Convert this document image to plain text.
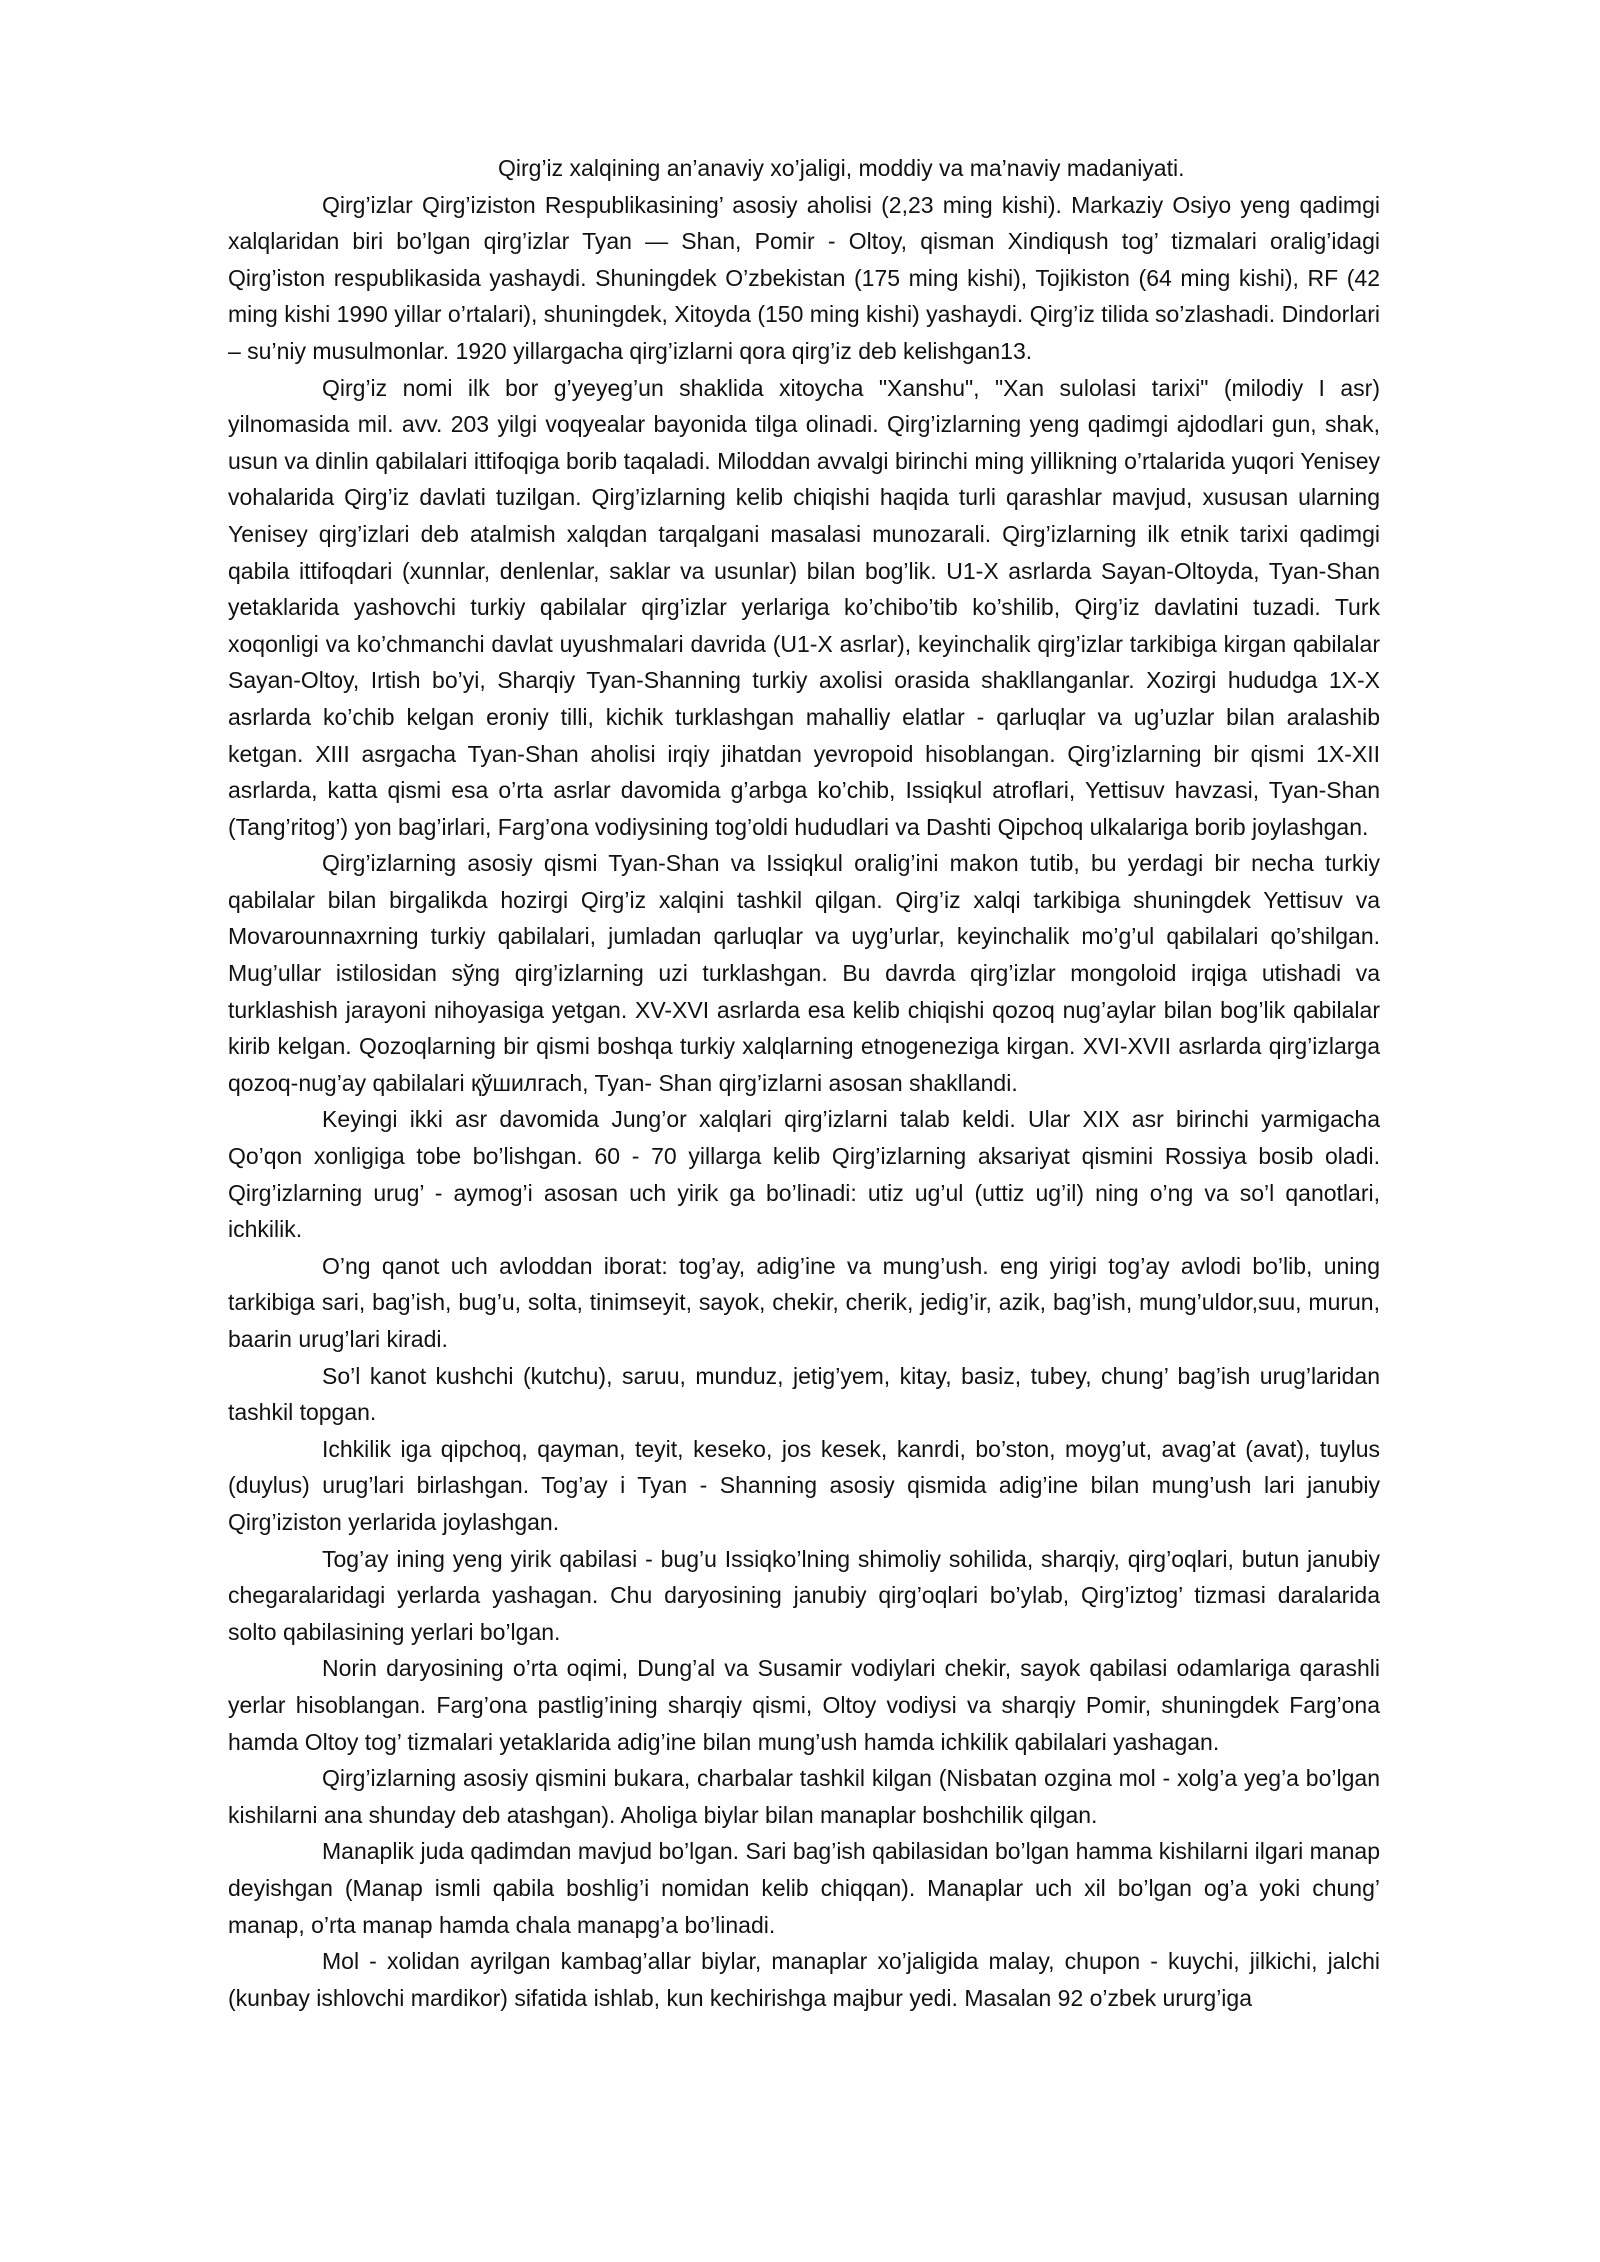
Qirg’iz xalqining an’anaviy xo’jaligi, moddiy va ma’naviy madaniyati.

Qirg’izlar Qirg’iziston Respublikasining’ asosiy aholisi (2,23 ming kishi). Markaziy Osiyo yeng qadimgi xalqlaridan biri bo’lgan qirg’izlar Tyan — Shan, Pomir - Oltoy, qisman Xindiqush tog’ tizmalari oralig’idagi Qirg’iston respublikasida yashaydi. Shuningdek O’zbekistan (175 ming kishi), Tojikiston (64 ming kishi), RF (42 ming kishi 1990 yillar o’rtalari), shuningdek, Xitoyda (150 ming kishi) yashaydi. Qirg’iz tilida so’zlashadi. Dindorlari – su’niy musulmonlar. 1920 yillargacha qirg’izlarni qora qirg’iz deb kelishgan13.

Qirg’iz nomi ilk bor g’yeyeg’un shaklida xitoycha "Xanshu", "Xan sulolasi tarixi" (milodiy I asr) yilnomasida mil. avv. 203 yilgi voqyealar bayonida tilga olinadi. Qirg’izlarning yeng qadimgi ajdodlari gun, shak, usun va dinlin qabilalari ittifoqiga borib taqaladi. Miloddan avvalgi birinchi ming yillikning o’rtalarida yuqori Yenisey vohalarida Qirg’iz davlati tuzilgan. Qirg’izlarning kelib chiqishi haqida turli qarashlar mavjud, xususan ularning Yenisey qirg’izlari deb atalmish xalqdan tarqalgani masalasi munozarali. Qirg’izlarning ilk etnik tarixi qadimgi qabila ittifoqdari (xunnlar, denlenlar, saklar va usunlar) bilan bog’lik. U1-X asrlarda Sayan-Oltoyda, Tyan-Shan yetaklarida yashovchi turkiy qabilalar qirg’izlar yerlariga ko’chibo’tib ko’shilib, Qirg’iz davlatini tuzadi. Turk xoqonligi va ko’chmanchi davlat uyushmalari davrida (U1-X asrlar), keyinchalik qirg’izlar tarkibiga kirgan qabilalar Sayan-Oltoy, Irtish bo’yi, Sharqiy Tyan-Shanning turkiy axolisi orasida shakllanganlar. Xozirgi hududga 1X-X asrlarda ko’chib kelgan eroniy tilli, kichik turklashgan mahalliy elatlar - qarluqlar va ug’uzlar bilan aralashib ketgan. XIII asrgacha Tyan-Shan aholisi irqiy jihatdan yevropoid hisoblangan. Qirg’izlarning bir qismi 1X-XII asrlarda, katta qismi esa o’rta asrlar davomida g’arbga ko’chib, Issiqkul atroflari, Yettisuv havzasi, Tyan-Shan (Tang’ritog’) yon bag’irlari, Farg’ona vodiysining tog’oldi hududlari va Dashti Qipchoq ulkalariga borib joylashgan.

Qirg’izlarning asosiy qismi Tyan-Shan va Issiqkul oralig’ini makon tutib, bu yerdagi bir necha turkiy qabilalar bilan birgalikda hozirgi Qirg’iz xalqini tashkil qilgan. Qirg’iz xalqi tarkibiga shuningdek Yettisuv va Movarounnaxrning turkiy qabilalari, jumladan qarluqlar va uyg’urlar, keyinchalik mo’g’ul qabilalari qo’shilgan. Mug’ullar istilosidan sўng qirg’izlarning uzi turklashgan. Bu davrda qirg’izlar mongoloid irqiga utishadi va turklashish jarayoni nihoyasiga yetgan. XV-XVI asrlarda esa kelib chiqishi qozoq nug’aylar bilan bog’lik qabilalar kirib kelgan. Qozoqlarning bir qismi boshqa turkiy xalqlarning etnogeneziga kirgan. XVI-XVII asrlarda qirg’izlarga qozoq-nug’ay qabilalari қўшилгаch, Tyan- Shan qirg’izlarni asosan shakllandi.

Keyingi ikki asr davomida Jung’or xalqlari qirg’izlarni talab keldi. Ular XIX asr birinchi yarmigacha Qo’qon xonligiga tobe bo’lishgan. 60 - 70 yillarga kelib Qirg’izlarning aksariyat qismini Rossiya bosib oladi. Qirg’izlarning urug’ - aymog’i asosan uch yirik ga bo’linadi: utiz ug’ul (uttiz ug’il) ning o’ng va so’l qanotlari, ichkilik.

O’ng qanot uch avloddan iborat: tog’ay, adig’ine va mung’ush. eng yirigi tog’ay avlodi bo’lib, uning tarkibiga sari, bag’ish, bug’u, solta, tinimseyit, sayok, chekir, cherik, jedig’ir, azik, bag’ish, mung’uldor,suu, murun, baarin urug’lari kiradi.

So’l kanot kushchi (kutchu), saruu, munduz, jetig’yem, kitay, basiz, tubey, chung’ bag’ish urug’laridan tashkil topgan.

Ichkilik iga qipchoq, qayman, teyit, keseko, jos kesek, kanrdi, bo’ston, moyg’ut, avag’at (avat), tuylus (duylus) urug’lari birlashgan. Tog’ay i Tyan - Shanning asosiy qismida adig’ine bilan mung’ush lari janubiy Qirg’iziston yerlarida joylashgan.

Tog’ay ining yeng yirik qabilasi - bug’u Issiqko’lning shimoliy sohilida, sharqiy, qirg’oqlari, butun janubiy chegaralaridagi yerlarda yashagan. Chu daryosining janubiy qirg’oqlari bo’ylab, Qirg’iztog’ tizmasi daralarida solto qabilasining yerlari bo’lgan.

Norin daryosining o’rta oqimi, Dung’al va Susamir vodiylari chekir, sayok qabilasi odamlariga qarashli yerlar hisoblangan. Farg’ona pastlig’ining sharqiy qismi, Oltoy vodiysi va sharqiy Pomir, shuningdek Farg’ona hamda Oltoy tog’ tizmalari yetaklarida adig’ine bilan mung’ush hamda ichkilik qabilalari yashagan.

Qirg’izlarning asosiy qismini bukara, charbalar tashkil kilgan (Nisbatan ozgina mol - xolg’a yeg’a bo’lgan kishilarni ana shunday deb atashgan). Aholiga biylar bilan manaplar boshchilik qilgan.

Manaplik juda qadimdan mavjud bo’lgan. Sari bag’ish qabilasidan bo’lgan hamma kishilarni ilgari manap deyishgan (Manap ismli qabila boshlig’i nomidan kelib chiqqan). Manaplar uch xil bo’lgan og’a yoki chung’ manap, o’rta manap hamda chala manapg’a bo’linadi.

Mol - xolidan ayrilgan kambag’allar biylar, manaplar xo’jaligida malay, chupon - kuychi, jilkichi, jalchi (kunbay ishlovchi mardikor) sifatida ishlab, kun kechirishga majbur yedi. Masalan 92 o’zbek ururg’iga
